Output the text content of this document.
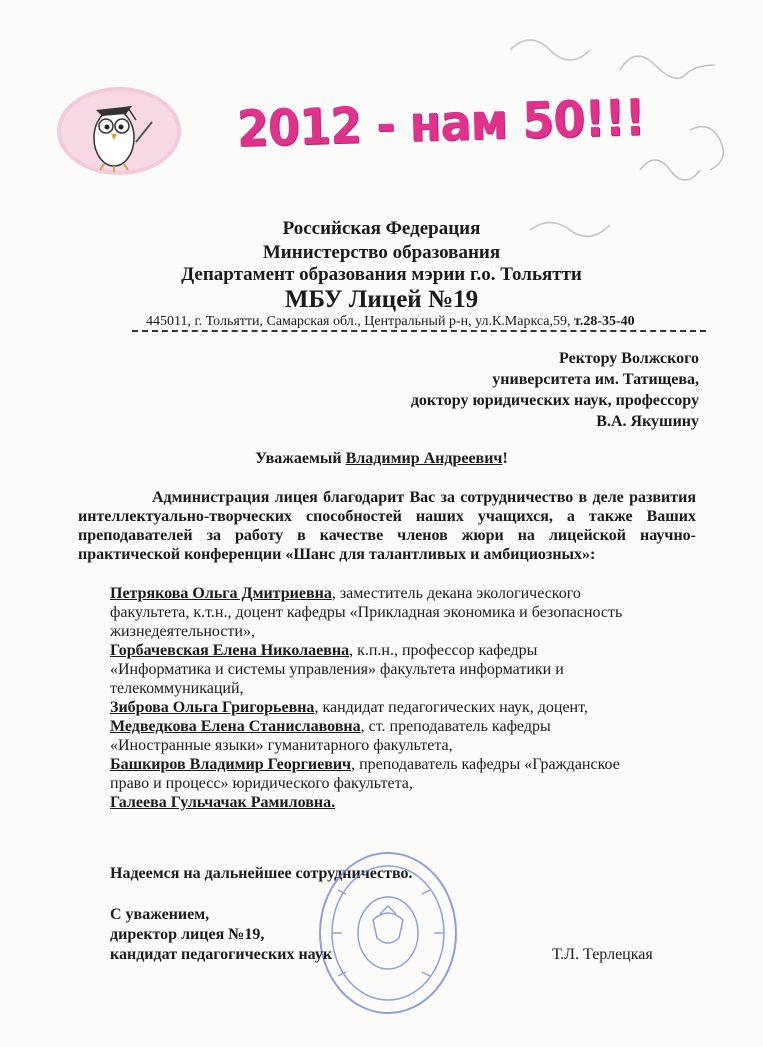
2012 - нам 50!!!
Российская Федерация
Министерство образования
Департамент образования мэрии г.о. Тольятти
МБУ Лицей №19
445011, г. Тольятти, Самарская обл., Центральный р-н, ул.К.Маркса,59, т.28-35-40
Ректору Волжского
университета им. Татищева,
доктору юридических наук, профессору
В.А. Якушину
Уважаемый Владимир Андреевич!

Администрация лицея благодарит Вас за сотрудничество в деле развития интеллектуально-творческих способностей наших учащихся, а также Ваших преподавателей за работу в качестве членов жюри на лицейской научно-практической конференции «Шанс для талантливых и амбициозных»:

Петрякова Ольга Дмитриевна, заместитель декана экологического
факультета, к.т.н., доцент кафедры «Прикладная экономика и безопасность
жизнедеятельности»,
Горбачевская Елена Николаевна, к.п.н., профессор кафедры
«Информатика и системы управления» факультета информатики и
телекоммуникаций,
Зиброва Ольга Григорьевна, кандидат педагогических наук, доцент,
Медведкова Елена Станиславовна, ст. преподаватель кафедры
«Иностранные языки» гуманитарного факультета,
Башкиров Владимир Георгиевич, преподаватель кафедры «Гражданское
право и процесс» юридического факультета,
Галеева Гульчачак Рамиловна.
Надеемся на дальнейшее сотрудничество.
С уважением,
директор лицея №19,
кандидат педагогических наук	Т.Л. Терлецкая
